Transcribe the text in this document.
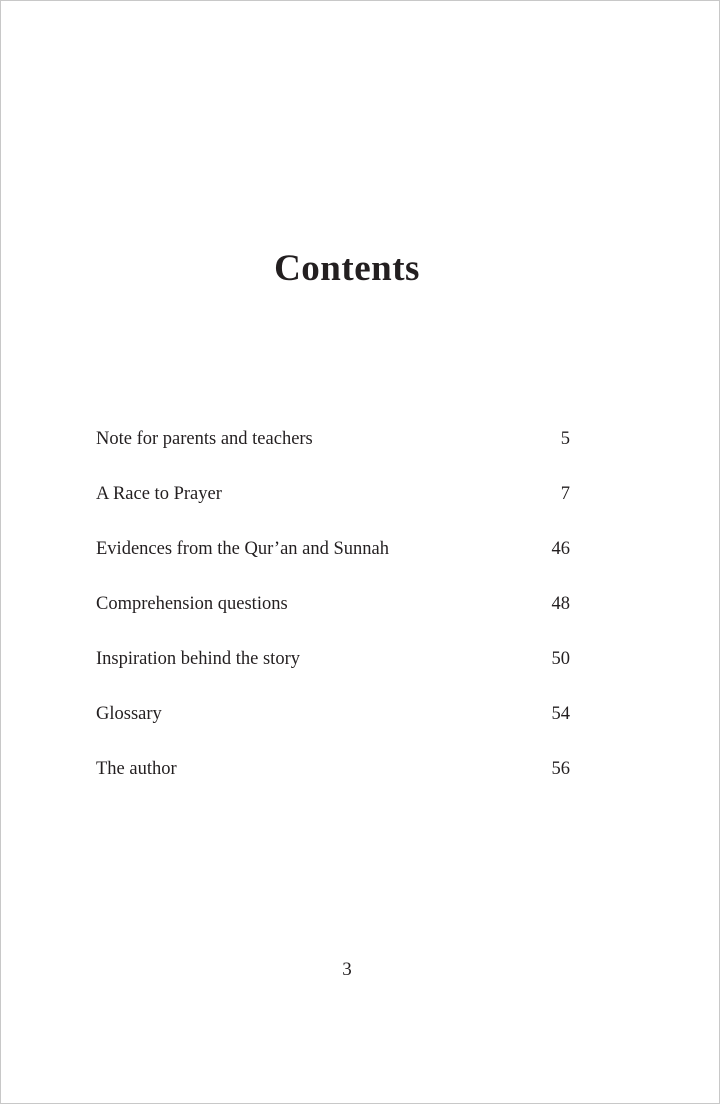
Contents
Note for parents and teachers	5
A Race to Prayer	7
Evidences from the Qur’an and Sunnah	46
Comprehension questions	48
Inspiration behind the story	50
Glossary	54
The author	56
3
